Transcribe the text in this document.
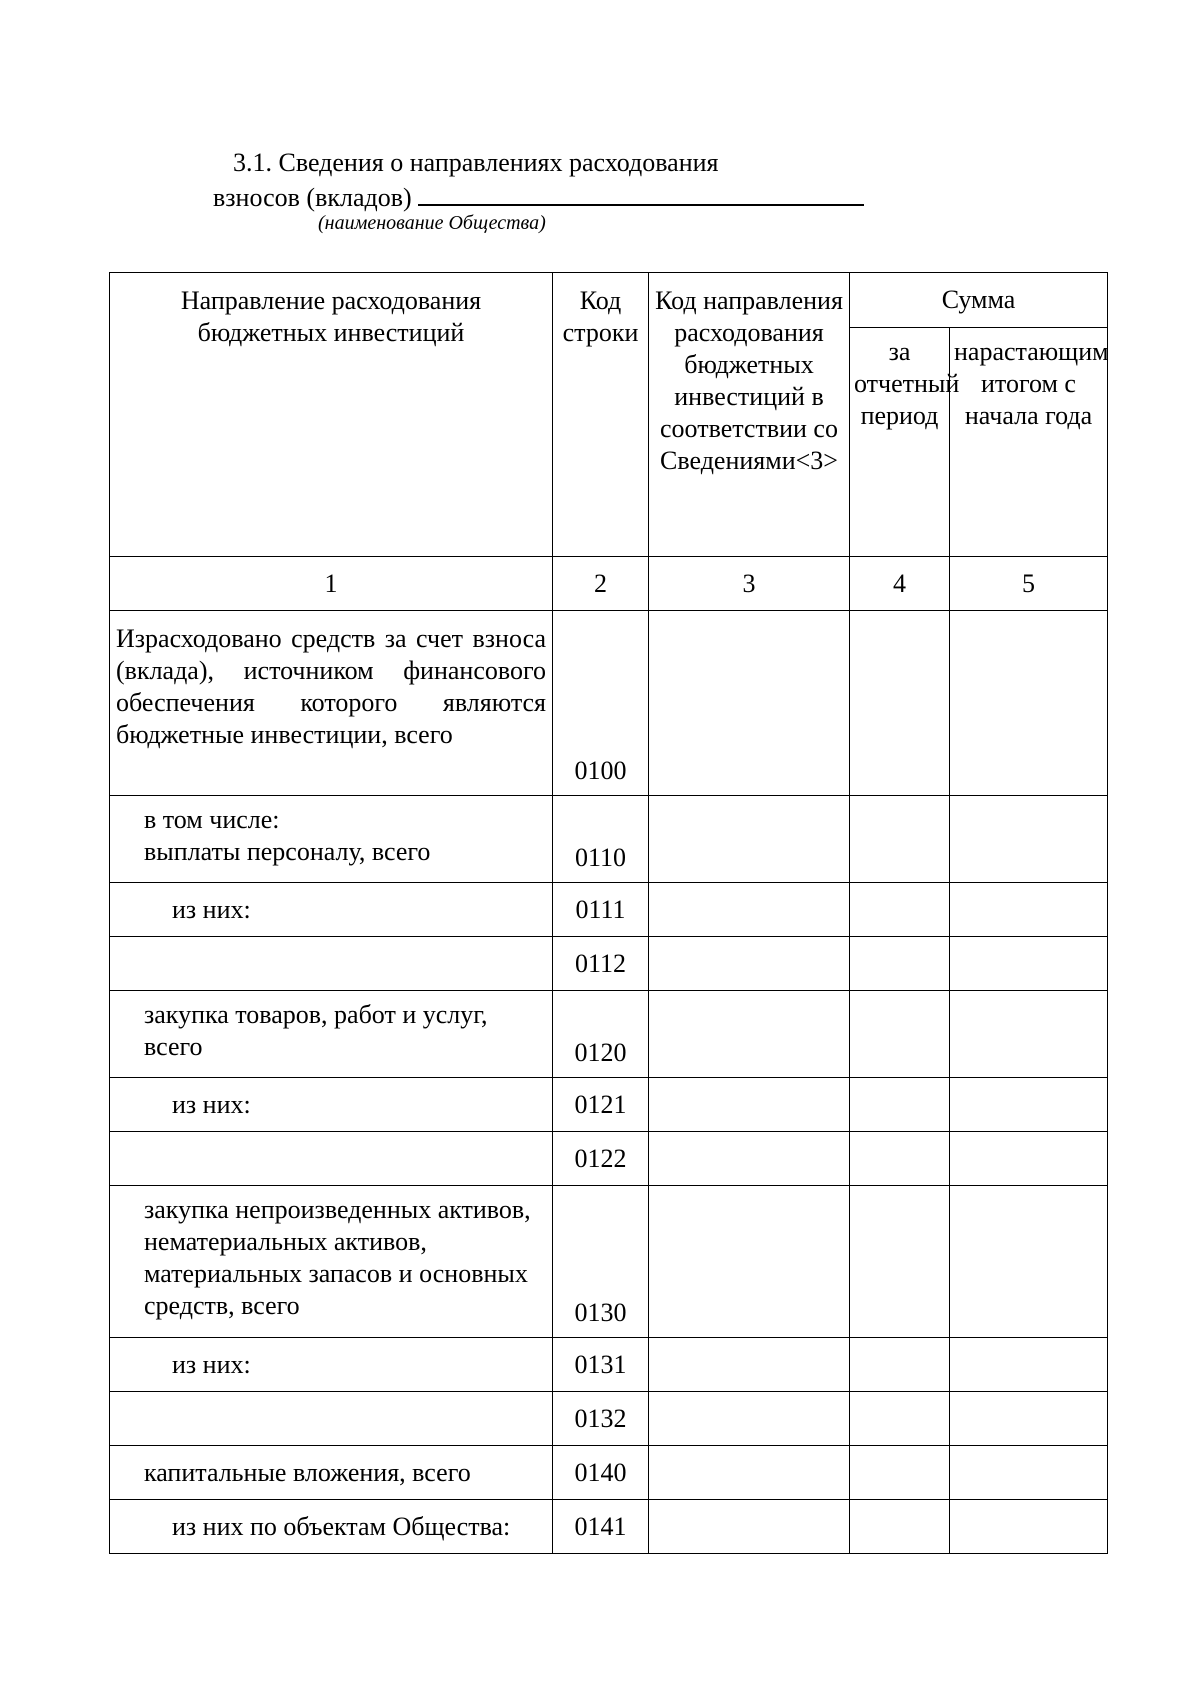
3.1. Сведения о направлениях расходования
взносов (вкладов)
(наименование Общества)
Направление расходования бюджетных инвестиций	Код строки	Код направления расходования бюджетных инвестиций в соответствии со Сведениями<3>	Сумма	
			за отчетный период	нарастающим итогом с начала года
1	2	3	4	5
Израсходовано средств за счет взноса (вклада), источником финансового обеспечения которого являются бюджетные инвестиции, всего	0100			

в том числе:
выплаты персоналу, всего	0110			
из них:	0111			
	0112			
закупка товаров, работ и услуг, всего	0120			
из них:	0121			
	0122			
закупка непроизведенных активов, нематериальных активов, материальных запасов и основных средств, всего	0130			
из них:	0131			
	0132			
капитальные вложения, всего	0140			
из них по объектам Общества:	0141			
